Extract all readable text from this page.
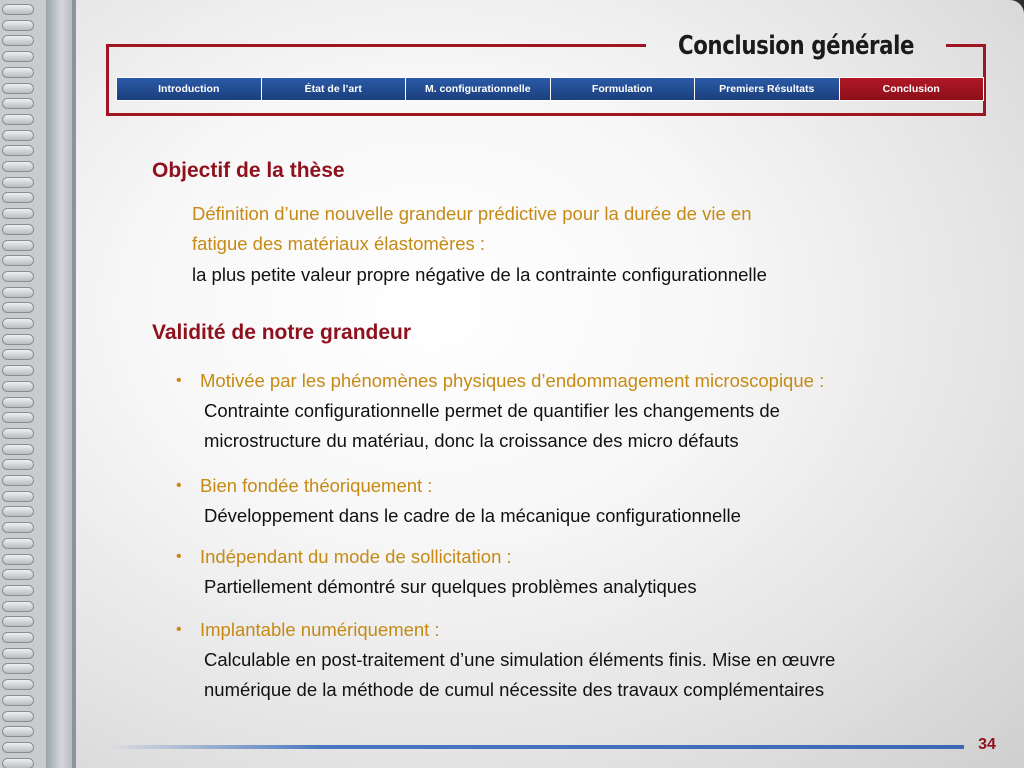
Conclusion générale
Introduction	État de l’art	M. configurationnelle	Formulation	Premiers Résultats	Conclusion
Objectif de la thèse
Définition d’une nouvelle grandeur prédictive pour la durée de vie en
fatigue des matériaux élastomères :
la plus petite valeur propre négative de la contrainte configurationnelle
Validité de notre grandeur
• Motivée par les phénomènes physiques d’endommagement microscopique :
Contrainte configurationnelle permet de quantifier les changements de
microstructure du matériau, donc la croissance des micro défauts
• Bien fondée théoriquement :
Développement dans le cadre de la mécanique configurationnelle
• Indépendant du mode de sollicitation :
Partiellement démontré sur quelques problèmes analytiques
• Implantable numériquement :
Calculable en post-traitement d’une simulation éléments finis. Mise en œuvre
numérique de la méthode de cumul nécessite des travaux complémentaires
34
